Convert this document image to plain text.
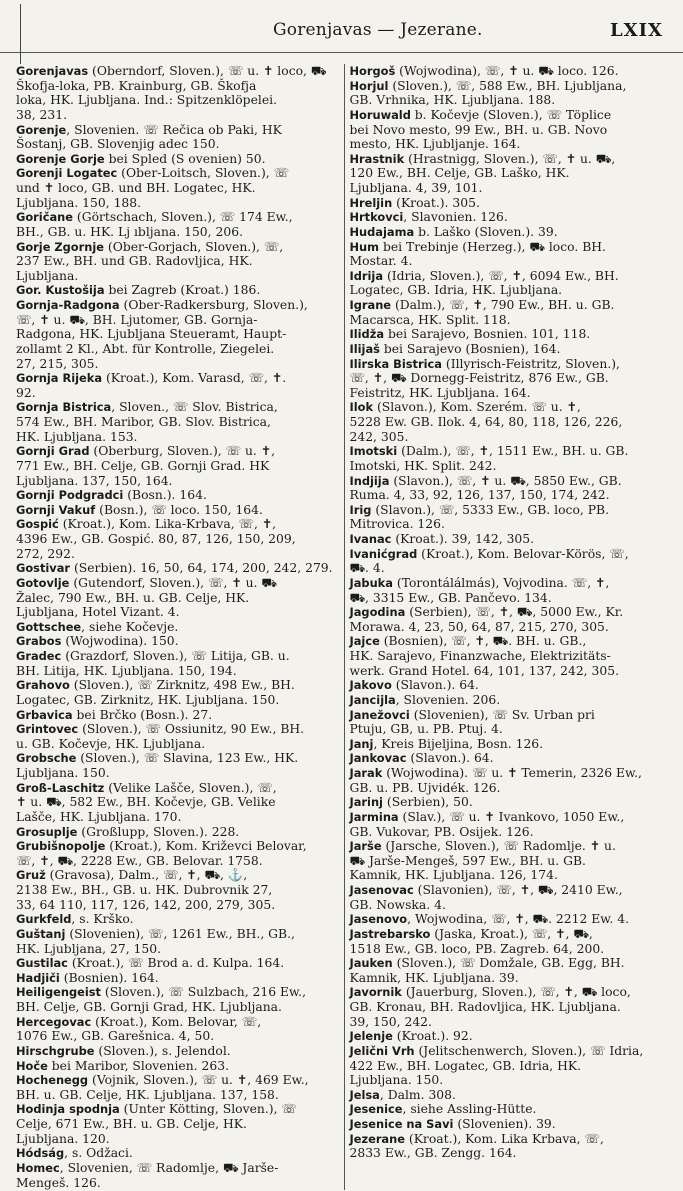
Gorenjavas — Jezerane.	LXIX
Gorenjavas (Oberndorf, Sloven.), ☏ u. ✝ loco, ⛟ Škofja-loka, PB. Krainburg, GB. Škofja
loka, HK. Ljubljana. Ind.: Spitzenklöpelei.
38, 231.
Gorenje, Slovenien. ☏ Rečica ob Paki, HK
Šostanj, GB. Slovenjig adec 150.
Gorenje Gorje bei Spled (S ovenien) 50.
Gorenji Logatec (Ober-Loitsch, Sloven.), ☏
und ✝ loco, GB. und BH. Logatec, HK.
Ljubljana. 150, 188.
Goričane (Görtschach, Sloven.), ☏ 174 Ew.,
BH., GB. u. HK. Lj ıbljana. 150, 206.
Gorje Zgornje (Ober-Gorjach, Sloven.), ☏,
237 Ew., BH. und GB. Radovljica, HK.
Ljubljana.
Gor. Kustošija bei Zagreb (Kroat.) 186.
Gornja-Radgona (Ober-Radkersburg, Sloven.),
☏, ✝ u. ⛟, BH. Ljutomer, GB. Gornja-
Radgona, HK. Ljubljana Steueramt, Haupt-
zollamt 2 Kl., Abt. für Kontrolle, Ziegelei.
27, 215, 305.
Gornja Rijeka (Kroat.), Kom. Varasd, ☏, ✝.
92.
Gornja Bistrica, Sloven., ☏ Slov. Bistrica,
574 Ew., BH. Maribor, GB. Slov. Bistrica,
HK. Ljubljana. 153.
Gornji Grad (Oberburg, Sloven.), ☏ u. ✝,
771 Ew., BH. Celje, GB. Gornji Grad. HK
Ljubljana. 137, 150, 164.
Gornji Podgradci (Bosn.). 164.
Gornji Vakuf (Bosn.), ☏ loco. 150, 164.
Gospić (Kroat.), Kom. Lika-Krbava, ☏, ✝,
4396 Ew., GB. Gospić. 80, 87, 126, 150, 209,
272, 292.
Gostivar (Serbien). 16, 50, 64, 174, 200, 242, 279.
Gotovlje (Gutendorf, Sloven.), ☏, ✝ u. ⛟
Žalec, 790 Ew., BH. u. GB. Celje, HK.
Ljubljana, Hotel Vizant. 4.
Gottschee, siehe Kočevje.
Grabos (Wojwodina). 150.
Gradec (Grazdorf, Sloven.), ☏ Litija, GB. u.
BH. Litija, HK. Ljubljana. 150, 194.
Grahovo (Sloven.), ☏ Zirknitz, 498 Ew., BH.
Logatec, GB. Zirknitz, HK. Ljubljana. 150.
Grbavica bei Brčko (Bosn.). 27.
Grintovec (Sloven.), ☏ Ossiunitz, 90 Ew., BH.
u. GB. Kočevje, HK. Ljubljana.
Grobsche (Sloven.), ☏ Slavina, 123 Ew., HK.
Ljubljana. 150.
Groß-Laschitz (Velike Lašče, Sloven.), ☏,
✝ u. ⛟, 582 Ew., BH. Kočevje, GB. Velike
Lašče, HK. Ljubljana. 170.
Grosuplje (Großlupp, Sloven.). 228.
Grubišnopolje (Kroat.), Kom. Križevci Belovar,
☏, ✝, ⛟, 2228 Ew., GB. Belovar. 1758.
Gruž (Gravosa), Dalm., ☏, ✝, ⛟, ⚓,
2138 Ew., BH., GB. u. HK. Dubrovnik 27,
33, 64 110, 117, 126, 142, 200, 279, 305.
Gurkfeld, s. Krško.
Guštanj (Slovenien), ☏, 1261 Ew., BH., GB.,
HK. Ljubljana, 27, 150.
Gustilac (Kroat.), ☏ Brod a. d. Kulpa. 164.
Hadjiči (Bosnien). 164.
Heiligengeist (Sloven.), ☏ Sulzbach, 216 Ew.,
BH. Celje, GB. Gornji Grad, HK. Ljubljana.
Hercegovac (Kroat.), Kom. Belovar, ☏,
1076 Ew., GB. Garešnica. 4, 50.
Hirschgrube (Sloven.), s. Jelendol.
Hoče bei Maribor, Slovenien. 263.
Hochenegg (Vojnik, Sloven.), ☏ u. ✝, 469 Ew.,
BH. u. GB. Celje, HK. Ljubljana. 137, 158.
Hodinja spodnja (Unter Kötting, Sloven.), ☏
Celje, 671 Ew., BH. u. GB. Celje, HK.
Ljubljana. 120.
Hódság, s. Odžaci.
Homec, Slovenien, ☏ Radomlje, ⛟ Jarše-
Mengeš. 126.
Horgoš (Wojwodina), ☏, ✝ u. ⛟ loco. 126.
Horjul (Sloven.), ☏, 588 Ew., BH. Ljubljana,
GB. Vrhnika, HK. Ljubljana. 188.
Horuwald b. Kočevje (Sloven.), ☏ Töplice
bei Novo mesto, 99 Ew., BH. u. GB. Novo
mesto, HK. Ljubljanje. 164.
Hrastnik (Hrastnigg, Sloven.), ☏, ✝ u. ⛟,
120 Ew., BH. Celje, GB. Laško, HK.
Ljubljana. 4, 39, 101.
Hreljin (Kroat.). 305.
Hrtkovci, Slavonien. 126.
Hudajama b. Laško (Sloven.). 39.
Hum bei Trebinje (Herzeg.), ⛟ loco. BH.
Mostar. 4.
Idrija (Idria, Sloven.), ☏, ✝, 6094 Ew., BH.
Logatec, GB. Idria, HK. Ljubljana.
Igrane (Dalm.), ☏, ✝, 790 Ew., BH. u. GB.
Macarsca, HK. Split. 118.
Ilidža bei Sarajevo, Bosnien. 101, 118.
Ilijaš bei Sarajevo (Bosnien), 164.
Ilirska Bistrica (Illyrisch-Feistritz, Sloven.),
☏, ✝, ⛟ Dornegg-Feistritz, 876 Ew., GB.
Feistritz, HK. Ljubljana. 164.
Ilok (Slavon.), Kom. Szerém. ☏ u. ✝,
5228 Ew. GB. Ilok. 4, 64, 80, 118, 126, 226,
242, 305.
Imotski (Dalm.), ☏, ✝, 1511 Ew., BH. u. GB.
Imotski, HK. Split. 242.
Indjija (Slavon.), ☏, ✝ u. ⛟, 5850 Ew., GB.
Ruma. 4, 33, 92, 126, 137, 150, 174, 242.
Irig (Slavon.), ☏, 5333 Ew., GB. loco, PB.
Mitrovica. 126.
Ivanac (Kroat.). 39, 142, 305.
Ivanićgrad (Kroat.), Kom. Belovar-Körös, ☏,
⛟. 4.
Jabuka (Torontálálmás), Vojvodina. ☏, ✝,
⛟, 3315 Ew., GB. Pančevo. 134.
Jagodina (Serbien), ☏, ✝, ⛟, 5000 Ew., Kr.
Morawa. 4, 23, 50, 64, 87, 215, 270, 305.
Jajce (Bosnien), ☏, ✝, ⛟. BH. u. GB.,
HK. Sarajevo, Finanzwache, Elektrizitäts-
werk. Grand Hotel. 64, 101, 137, 242, 305.
Jakovo (Slavon.). 64.
Jancijla, Slovenien. 206.
Janežovci (Slovenien), ☏ Sv. Urban pri
Ptuju, GB, u. PB. Ptuj. 4.
Janj, Kreis Bijeljina, Bosn. 126.
Jankovac (Slavon.). 64.
Jarak (Wojwodina). ☏ u. ✝ Temerin, 2326 Ew.,
GB. u. PB. Ujvidék. 126.
Jarinj (Serbien), 50.
Jarmina (Slav.), ☏ u. ✝ Ivankovo, 1050 Ew.,
GB. Vukovar, PB. Osijek. 126.
Jarše (Jarsche, Sloven.), ☏ Radomlje. ✝ u.
⛟ Jarše-Mengeš, 597 Ew., BH. u. GB.
Kamnik, HK. Ljubljana. 126, 174.
Jasenovac (Slavonien), ☏, ✝, ⛟, 2410 Ew.,
GB. Nowska. 4.
Jasenovo, Wojwodina, ☏, ✝, ⛟. 2212 Ew. 4.
Jastrebarsko (Jaska, Kroat.), ☏, ✝, ⛟,
1518 Ew., GB. loco, PB. Zagreb. 64, 200.
Jauken (Sloven.), ☏ Domžale, GB. Egg, BH.
Kamnik, HK. Ljubljana. 39.
Javornik (Jauerburg, Sloven.), ☏, ✝, ⛟ loco,
GB. Kronau, BH. Radovljica, HK. Ljubljana.
39, 150, 242.
Jelenje (Kroat.). 92.
Jelični Vrh (Jelitschenwerch, Sloven.), ☏ Idria,
422 Ew., BH. Logatec, GB. Idria, HK.
Ljubljana. 150.
Jelsa, Dalm. 308.
Jesenice, siehe Assling-Hütte.
Jesenice na Savi (Slovenien). 39.
Jezerane (Kroat.), Kom. Lika Krbava, ☏,
2833 Ew., GB. Zengg. 164.
